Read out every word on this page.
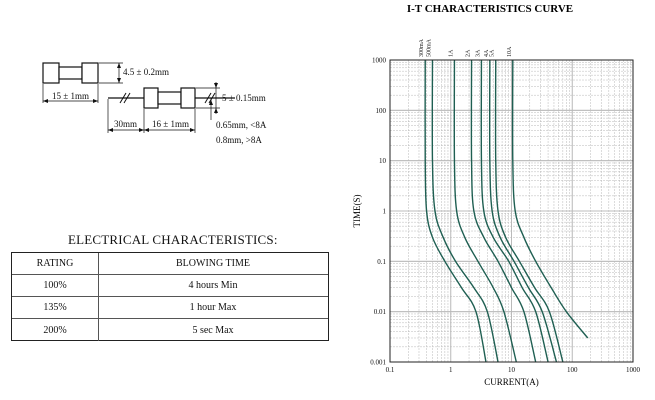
15 ± 1mm
4.5 ± 0.2mm
30mm 16 ± 1mm
5 ± 0.15mm
0.65mm, <8A
0.8mm, >8A
ELECTRICAL CHARACTERISTICS:
RATING	BLOWING TIME
100%	4 hours Min
135%	1 hour Max
200%	5 sec Max
I-T CHARACTERISTICS CURVE
0.1	1	10	100	1000
0.001
0.01
0.1
1
10
100
1000
300mA 500mA	1A 2A 3A 4A 5A 10A
TIME(S)
CURRENT(A)
